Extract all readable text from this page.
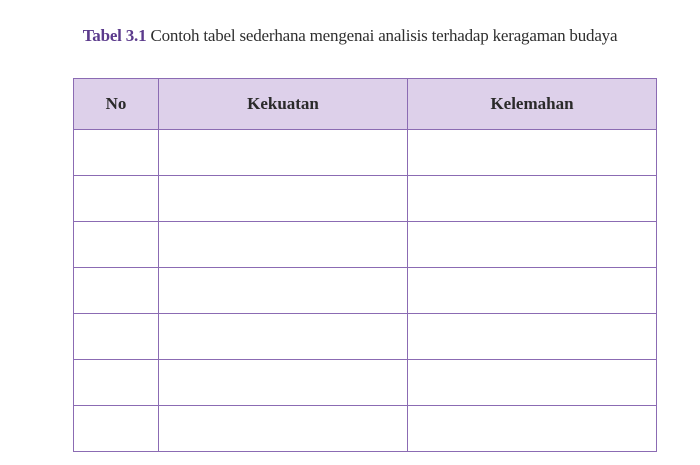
Tabel 3.1 Contoh tabel sederhana mengenai analisis terhadap keragaman budaya
No	Kekuatan	Kelemahan
